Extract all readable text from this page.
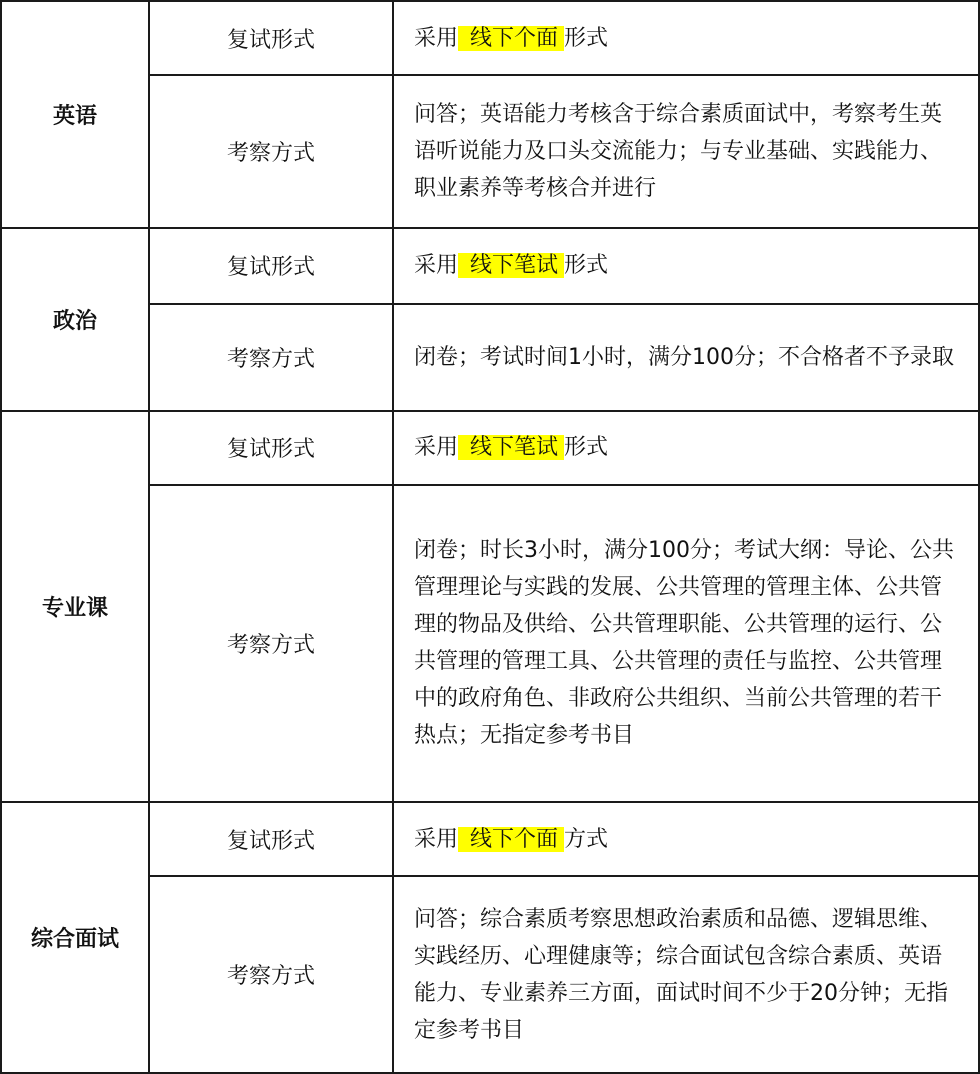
英语	复试形式	采用 线下个面 形式
	考察方式	问答；英语能力考核含于综合素质面试中，考察考生英语听说能力及口头交流能力；与专业基础、实践能力、职业素养等考核合并进行
政治	复试形式	采用 线下笔试 形式
	考察方式	闭卷；考试时间1小时，满分100分；不合格者不予录取
专业课	复试形式	采用 线下笔试 形式
	考察方式	闭卷；时长3小时，满分100分；考试大纲：导论、公共管理理论与实践的发展、公共管理的管理主体、公共管理的物品及供给、公共管理职能、公共管理的运行、公共管理的管理工具、公共管理的责任与监控、公共管理中的政府角色、非政府公共组织、当前公共管理的若干热点；无指定参考书目
综合面试	复试形式	采用 线下个面 方式
	考察方式	问答；综合素质考察思想政治素质和品德、逻辑思维、实践经历、心理健康等；综合面试包含综合素质、英语能力、专业素养三方面，面试时间不少于20分钟；无指定参考书目
